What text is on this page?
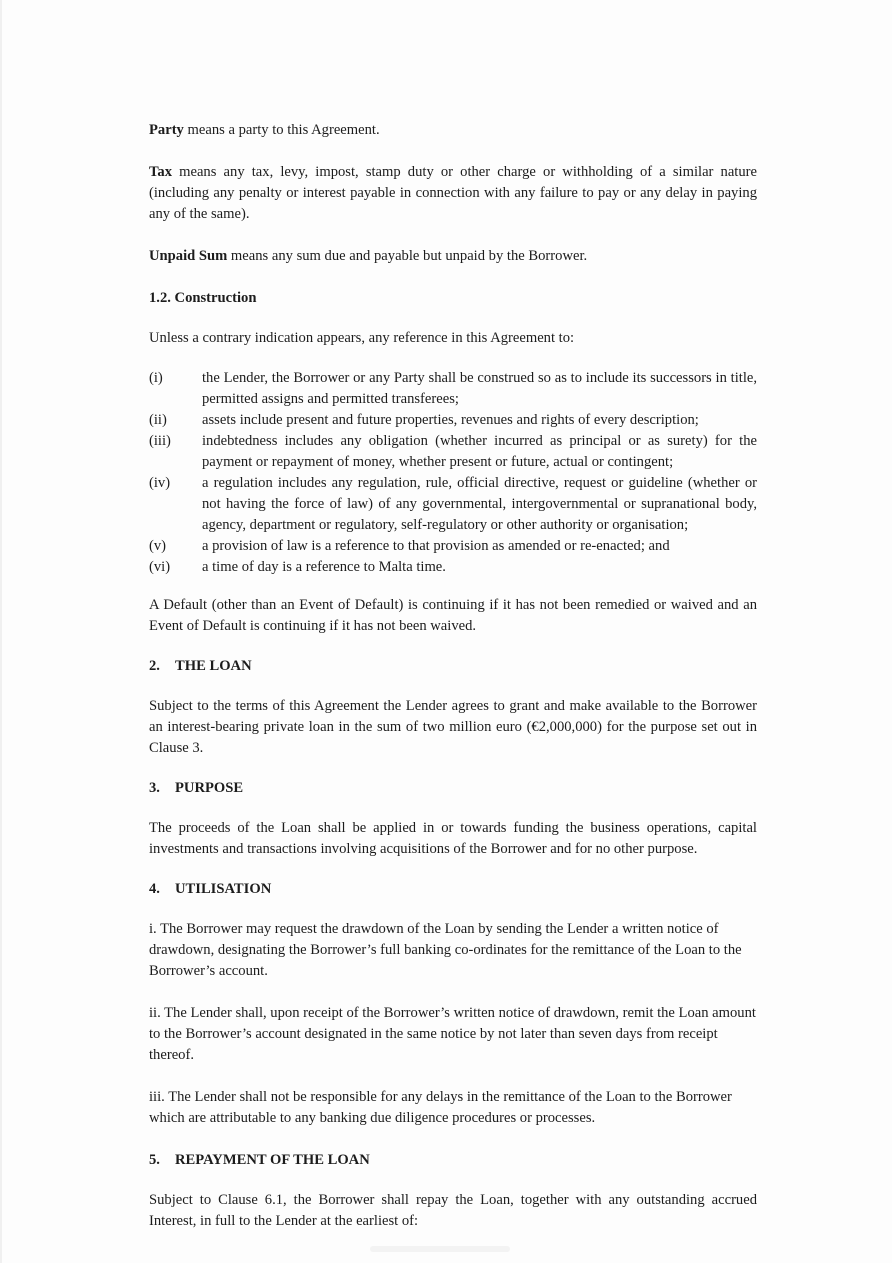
Party means a party to this Agreement.

Tax means any tax, levy, impost, stamp duty or other charge or withholding of a similar nature (including any penalty or interest payable in connection with any failure to pay or any delay in paying any of the same).

Unpaid Sum means any sum due and payable but unpaid by the Borrower.

1.2. Construction

Unless a contrary indication appears, any reference in this Agreement to:

(i)	the Lender, the Borrower or any Party shall be construed so as to include its successors in title, permitted assigns and permitted transferees;
(ii)	assets include present and future properties, revenues and rights of every description;
(iii)	indebtedness includes any obligation (whether incurred as principal or as surety) for the payment or repayment of money, whether present or future, actual or contingent;
(iv)	a regulation includes any regulation, rule, official directive, request or guideline (whether or not having the force of law) of any governmental, intergovernmental or supranational body, agency, department or regulatory, self-regulatory or other authority or organisation;
(v)	a provision of law is a reference to that provision as amended or re-enacted; and
(vi)	a time of day is a reference to Malta time.

A Default (other than an Event of Default) is continuing if it has not been remedied or waived and an Event of Default is continuing if it has not been waived.

2. THE LOAN

Subject to the terms of this Agreement the Lender agrees to grant and make available to the Borrower an interest-bearing private loan in the sum of two million euro (€2,000,000) for the purpose set out in Clause 3.

3. PURPOSE

The proceeds of the Loan shall be applied in or towards funding the business operations, capital investments and transactions involving acquisitions of the Borrower and for no other purpose.

4. UTILISATION

i. The Borrower may request the drawdown of the Loan by sending the Lender a written notice of drawdown, designating the Borrower’s full banking co-ordinates for the remittance of the Loan to the Borrower’s account.

ii. The Lender shall, upon receipt of the Borrower’s written notice of drawdown, remit the Loan amount to the Borrower’s account designated in the same notice by not later than seven days from receipt thereof.

iii. The Lender shall not be responsible for any delays in the remittance of the Loan to the Borrower which are attributable to any banking due diligence procedures or processes.

5. REPAYMENT OF THE LOAN

Subject to Clause 6.1, the Borrower shall repay the Loan, together with any outstanding accrued Interest, in full to the Lender at the earliest of:
